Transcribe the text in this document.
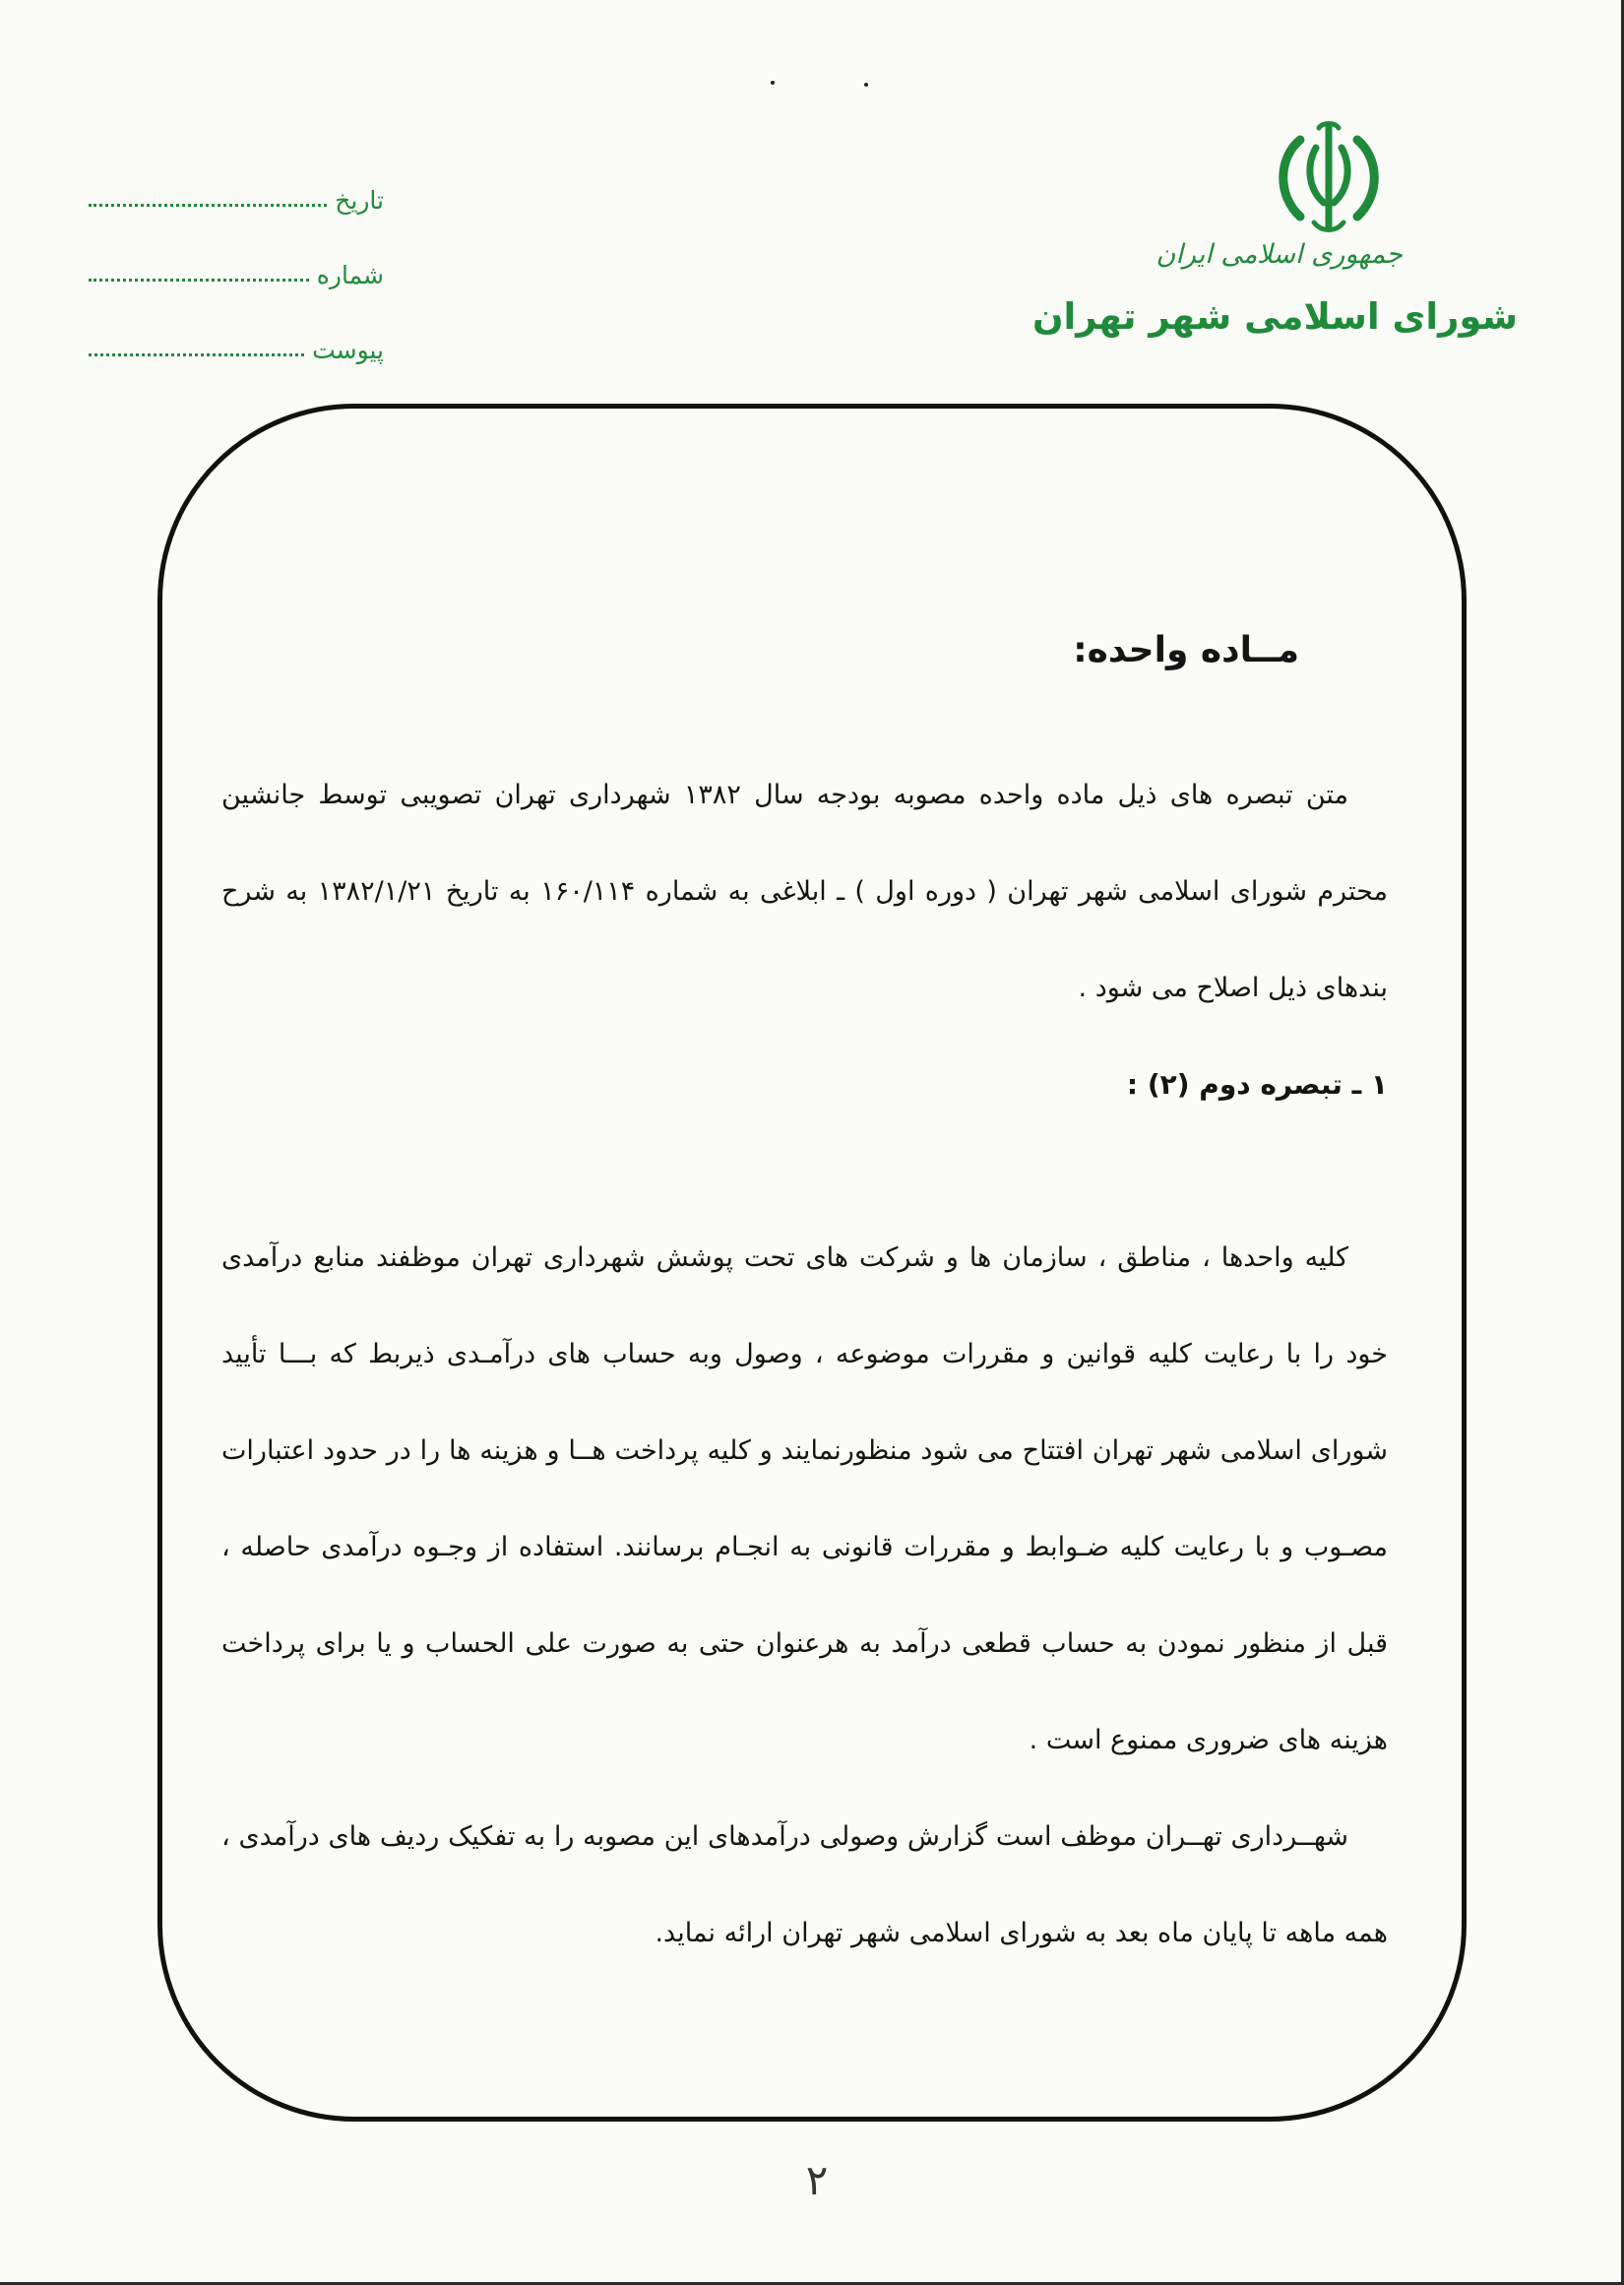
جمهوری اسلامی ایران
شورای اسلامی شهر تهران
تاریخ
شماره
پیوست
مــاده واحده:

متن تبصره های ذیل ماده واحده مصوبه بودجه سال ۱۳۸۲ شهرداری تهران تصویبی توسط جانشین محترم شورای اسلامی شهر تهران ( دوره اول ) ـ ابلاغی به شماره ۱۶۰/۱۱۴ به تاریخ ۱۳۸۲/۱/۲۱ به شرح بندهای ذیل اصلاح می شود .

۱ ـ تبصره دوم (۲) :

کلیه واحدها ، مناطق ، سازمان ها و شرکت های تحت پوشش شهرداری تهران موظفند منابع درآمدی خود را با رعایت کلیه قوانین و مقررات موضوعه ، وصول وبه حساب های درآمـدی ذیربط که بـــا تأیید شورای اسلامی شهر تهران افتتاح می شود منظورنمایند و کلیه پرداخت هــا و هزینه ها را در حدود اعتبارات مصـوب و با رعایت کلیه ضـوابط و مقررات قانونی به انجـام برسانند. استفاده از وجـوه درآمدی حاصله ، قبل از منظور نمودن به حساب قطعی درآمد به هرعنوان حتی به صورت علی الحساب و یا برای پرداخت هزینه های ضروری ممنوع است .

شهــرداری تهــران موظف است گزارش وصولی درآمدهای این مصوبه را به تفکیک ردیف های درآمدی ، همه ماهه تا پایان ماه بعد به شورای اسلامی شهر تهران ارائه نماید.

۲
